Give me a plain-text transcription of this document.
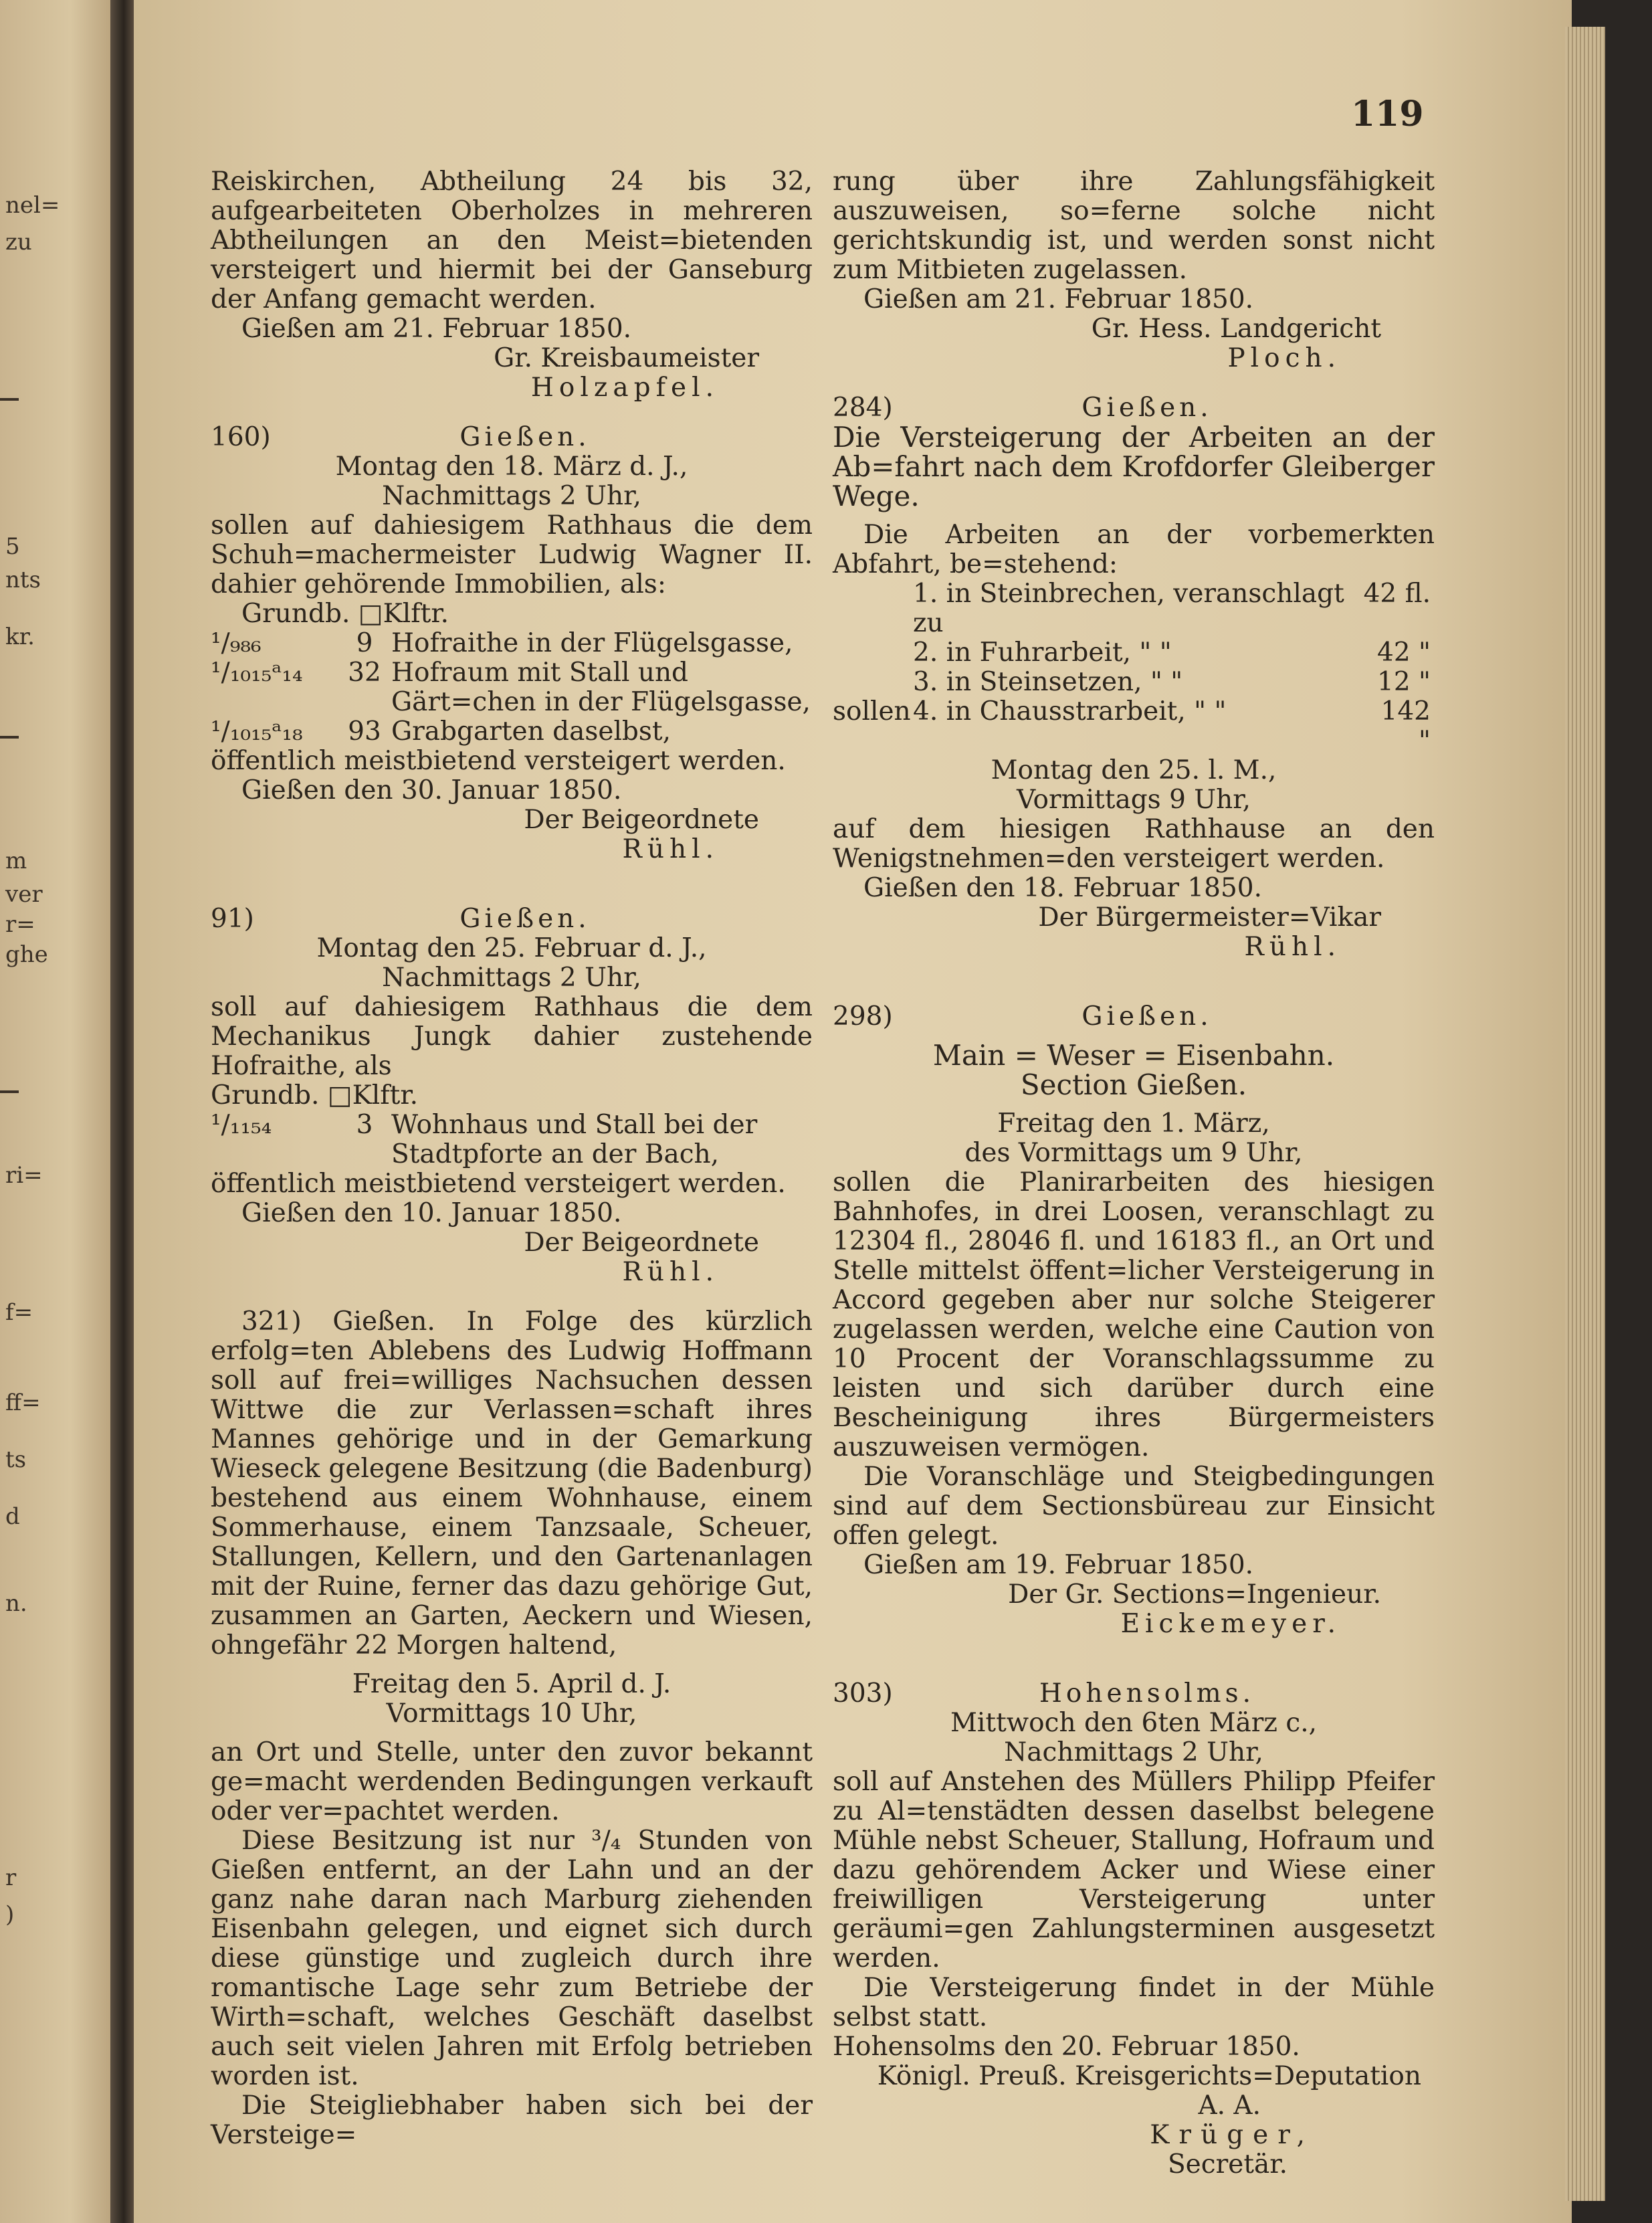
nel=
zu
5
nts
kr.
m
ver
r=
ghe
ri=
f=
ff=
ts
d
n.
r
)
119

Reiskirchen, Abtheilung 24 bis 32, aufgearbeiteten Oberholzes in mehreren Abtheilungen an den Meist=bietenden versteigert und hiermit bei der Ganseburg der Anfang gemacht werden.

Gießen am 21. Februar 1850.

Gr. Kreisbaumeister

Holzapfel.

160)	Gießen.

Montag den 18. März d. J.,

Nachmittags 2 Uhr,

sollen auf dahiesigem Rathhaus die dem Schuh=machermeister Ludwig Wagner II. dahier gehörende Immobilien, als:

Grundb. □Klftr.

¹/₉₈₆	9	Hofraithe in der Flügelsgasse,
¹/₁₀₁₅ᵃ₁₄	32	Hofraum mit Stall und Gärt=chen in der Flügelsgasse,
¹/₁₀₁₅ᵃ₁₈	93	Grabgarten daselbst,

öffentlich meistbietend versteigert werden.

Gießen den 30. Januar 1850.

Der Beigeordnete

Rühl.

91)	Gießen.

Montag den 25. Februar d. J.,

Nachmittags 2 Uhr,

soll auf dahiesigem Rathhaus die dem Mechanikus Jungk dahier zustehende Hofraithe, als

Grundb. □Klftr.

¹/₁₁₅₄	3	Wohnhaus und Stall bei der Stadtpforte an der Bach,

öffentlich meistbietend versteigert werden.

Gießen den 10. Januar 1850.

Der Beigeordnete

Rühl.

321) Gießen. In Folge des kürzlich erfolg=ten Ablebens des Ludwig Hoffmann soll auf frei=williges Nachsuchen dessen Wittwe die zur Verlassen=schaft ihres Mannes gehörige und in der Gemarkung Wieseck gelegene Besitzung (die Badenburg) bestehend aus einem Wohnhause, einem Sommerhause, einem Tanzsaale, Scheuer, Stallungen, Kellern, und den Gartenanlagen mit der Ruine, ferner das dazu gehörige Gut, zusammen an Garten, Aeckern und Wiesen, ohngefähr 22 Morgen haltend,

Freitag den 5. April d. J.

Vormittags 10 Uhr,

an Ort und Stelle, unter den zuvor bekannt ge=macht werdenden Bedingungen verkauft oder ver=pachtet werden.

Diese Besitzung ist nur ³/₄ Stunden von Gießen entfernt, an der Lahn und an der ganz nahe daran nach Marburg ziehenden Eisenbahn gelegen, und eignet sich durch diese günstige und zugleich durch ihre romantische Lage sehr zum Betriebe der Wirth=schaft, welches Geschäft daselbst auch seit vielen Jahren mit Erfolg betrieben worden ist.

Die Steigliebhaber haben sich bei der Versteige=

rung über ihre Zahlungsfähigkeit auszuweisen, so=ferne solche nicht gerichtskundig ist, und werden sonst nicht zum Mitbieten zugelassen.

Gießen am 21. Februar 1850.

Gr. Hess. Landgericht

Ploch.

284)	Gießen.

Die Versteigerung der Arbeiten an der Ab=fahrt nach dem Krofdorfer Gleiberger Wege.

Die Arbeiten an der vorbemerkten Abfahrt, be=stehend:

	1. in Steinbrechen, veranschlagt zu	42 fl.
	2. in Fuhrarbeit, " "	42 "
	3. in Steinsetzen, " "	12 "
sollen	4. in Chausstrarbeit, " "	142 "

Montag den 25. l. M.,

Vormittags 9 Uhr,

auf dem hiesigen Rathhause an den Wenigstnehmen=den versteigert werden.

Gießen den 18. Februar 1850.

Der Bürgermeister=Vikar

Rühl.

298)	Gießen.

Main = Weser = Eisenbahn.

Section Gießen.

Freitag den 1. März,

des Vormittags um 9 Uhr,

sollen die Planirarbeiten des hiesigen Bahnhofes, in drei Loosen, veranschlagt zu 12304 fl., 28046 fl. und 16183 fl., an Ort und Stelle mittelst öffent=licher Versteigerung in Accord gegeben aber nur solche Steigerer zugelassen werden, welche eine Caution von 10 Procent der Voranschlagssumme zu leisten und sich darüber durch eine Bescheinigung ihres Bürgermeisters auszuweisen vermögen.

Die Voranschläge und Steigbedingungen sind auf dem Sectionsbüreau zur Einsicht offen gelegt.

Gießen am 19. Februar 1850.

Der Gr. Sections=Ingenieur.

Eickemeyer.

303)	Hohensolms.

Mittwoch den 6ten März c.,

Nachmittags 2 Uhr,

soll auf Anstehen des Müllers Philipp Pfeifer zu Al=tenstädten dessen daselbst belegene Mühle nebst Scheuer, Stallung, Hofraum und dazu gehörendem Acker und Wiese einer freiwilligen Versteigerung unter geräumi=gen Zahlungsterminen ausgesetzt werden.

Die Versteigerung findet in der Mühle selbst statt.

Hohensolms den 20. Februar 1850.

Königl. Preuß. Kreisgerichts=Deputation

A. A.

Krüger,

Secretär.
